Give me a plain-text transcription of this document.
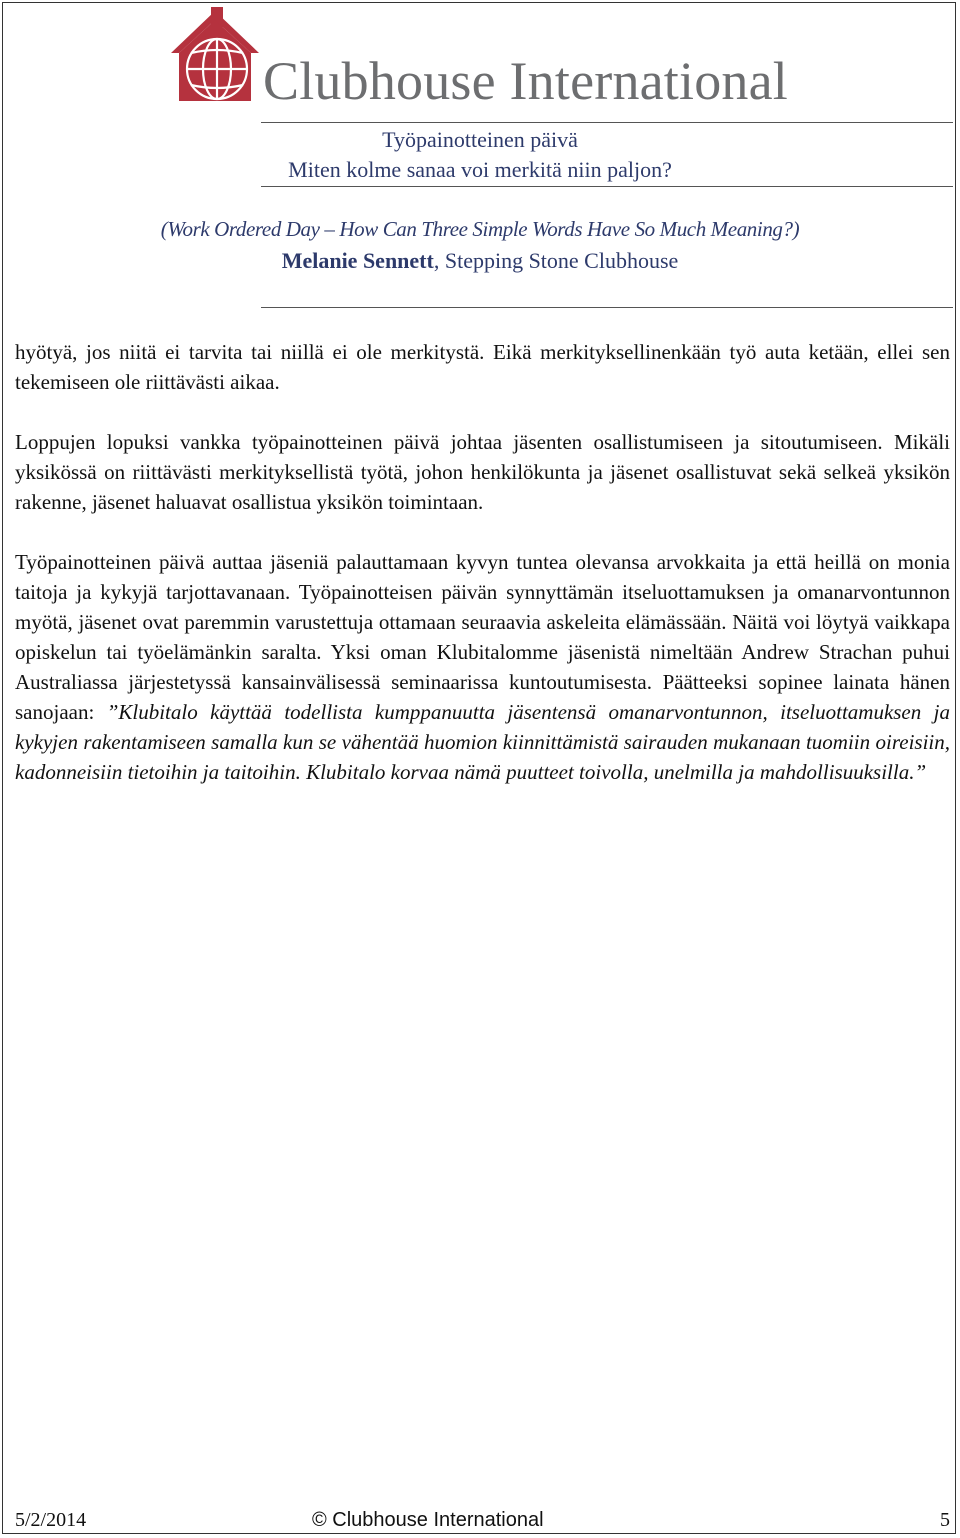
Clubhouse International
Työpainotteinen päivä
Miten kolme sanaa voi merkitä niin paljon?
(Work Ordered Day – How Can Three Simple Words Have So Much Meaning?)
Melanie Sennett, Stepping Stone Clubhouse

hyötyä, jos niitä ei tarvita tai niillä ei ole merkitystä. Eikä merkityksellinenkään työ auta ketään, ellei sen tekemiseen ole riittävästi aikaa.

Loppujen lopuksi vankka työpainotteinen päivä johtaa jäsenten osallistumiseen ja sitoutumiseen. Mikäli yksikössä on riittävästi merkityksellistä työtä, johon henkilökunta ja jäsenet osallistuvat sekä selkeä yksikön rakenne, jäsenet haluavat osallistua yksikön toimintaan.

Työpainotteinen päivä auttaa jäseniä palauttamaan kyvyn tuntea olevansa arvokkaita ja että heillä on monia taitoja ja kykyjä tarjottavanaan. Työpainotteisen päivän synnyttämän itseluottamuksen ja omanarvontunnon myötä, jäsenet ovat paremmin varustettuja ottamaan seuraavia askeleita elämässään. Näitä voi löytyä vaikkapa opiskelun tai työelämänkin saralta. Yksi oman Klubitalomme jäsenistä nimeltään Andrew Strachan puhui Australiassa järjestetyssä kansainvälisessä seminaarissa kuntoutumisesta. Päätteeksi sopinee lainata hänen sanojaan: ”Klubitalo käyttää todellista kumppanuutta jäsentensä omanarvontunnon, itseluottamuksen ja kykyjen rakentamiseen samalla kun se vähentää huomion kiinnittämistä sairauden mukanaan tuomiin oireisiin, kadonneisiin tietoihin ja taitoihin. Klubitalo korvaa nämä puutteet toivolla, unelmilla ja mahdollisuuksilla.”

5/2/2014	© Clubhouse International	5
